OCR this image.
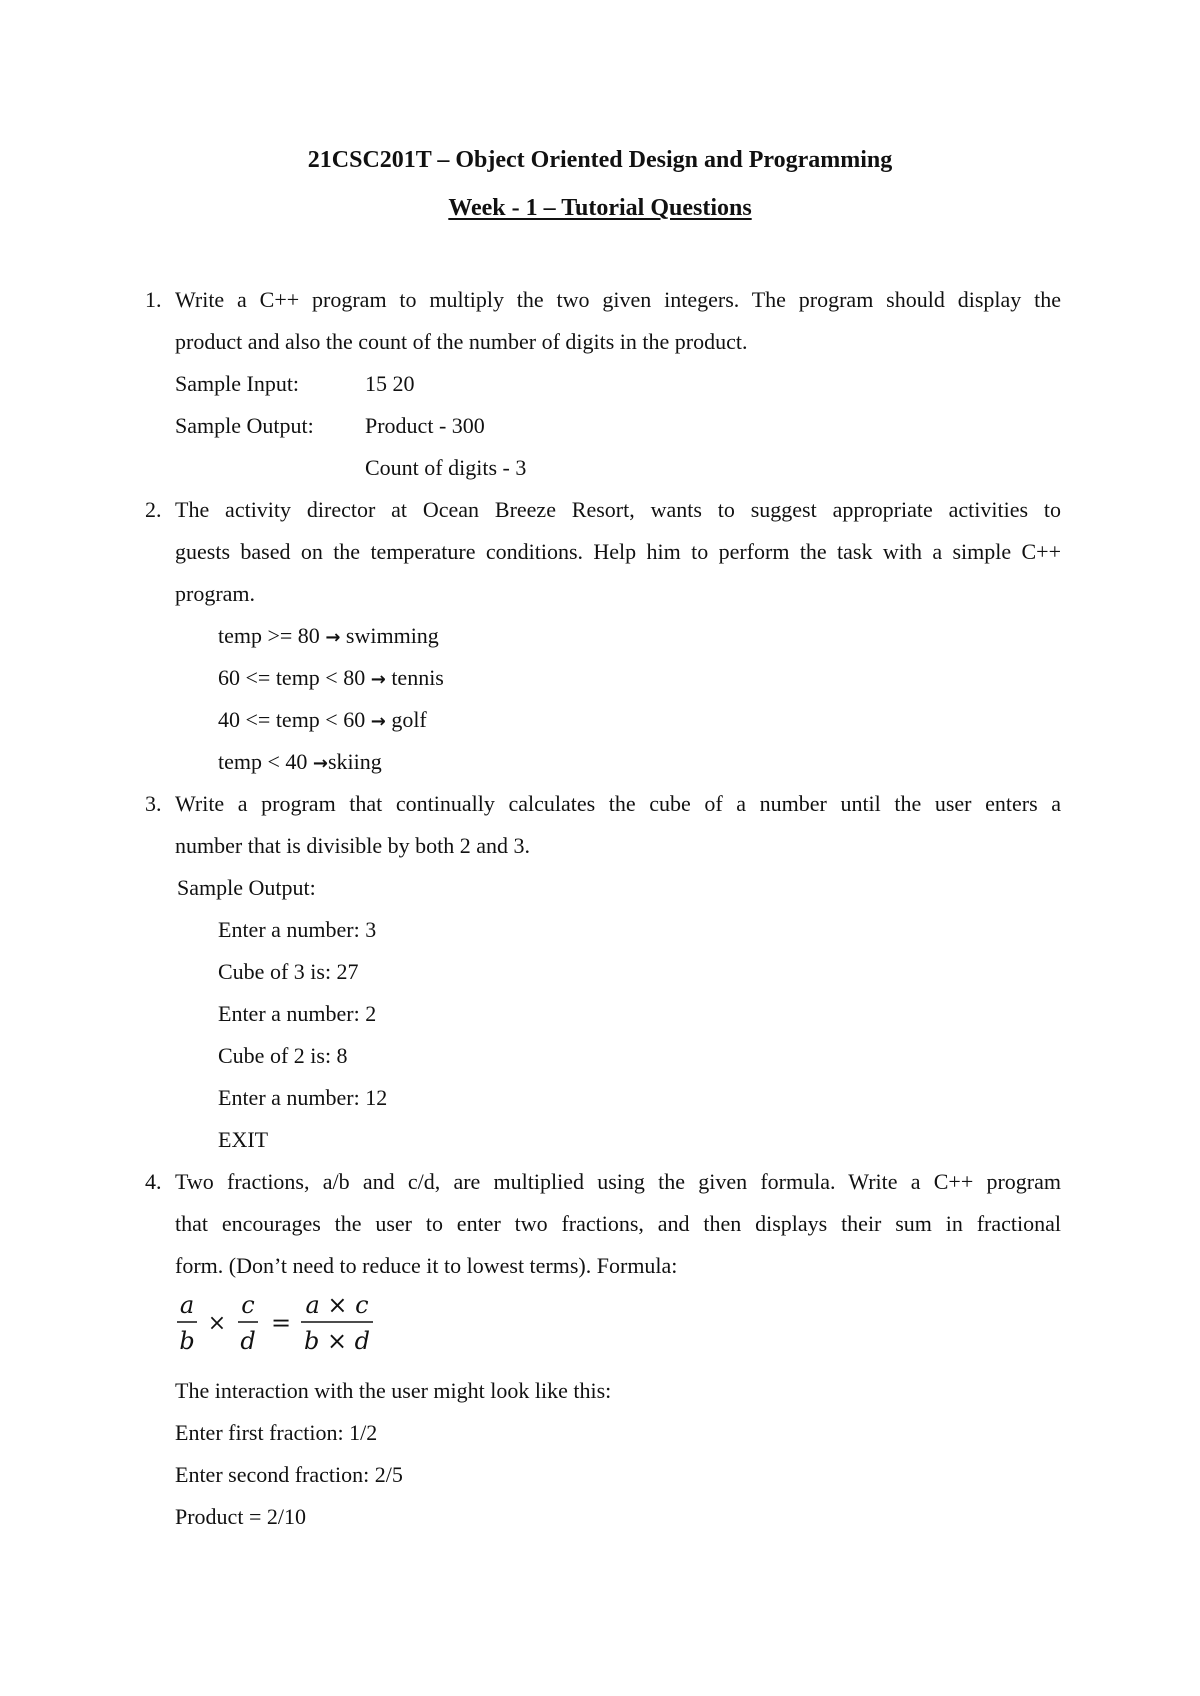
21CSC201T – Object Oriented Design and Programming
Week - 1 – Tutorial Questions
1. Write a C++ program to multiply the two given integers. The program should display the
product and also the count of the number of digits in the product.
Sample Input:	15 20
Sample Output: Product - 300
Count of digits - 3
2. The activity director at Ocean Breeze Resort, wants to suggest appropriate activities to
guests based on the temperature conditions. Help him to perform the task with a simple C++
program.
temp >= 80 → swimming
60 <= temp < 80 → tennis
40 <= temp < 60 → golf
temp < 40 →skiing
3. Write a program that continually calculates the cube of a number until the user enters a
number that is divisible by both 2 and 3.
Sample Output:
Enter a number: 3
Cube of 3 is: 27
Enter a number: 2
Cube of 2 is: 8
Enter a number: 12
EXIT
4. Two fractions, a/b and c/d, are multiplied using the given formula. Write a C++ program
that encourages the user to enter two fractions, and then displays their sum in fractional
form. (Don’t need to reduce it to lowest terms). Formula:
a
b
×
c
d
=
a × c
b × d
The interaction with the user might look like this:
Enter first fraction: 1/2
Enter second fraction: 2/5
Product = 2/10
